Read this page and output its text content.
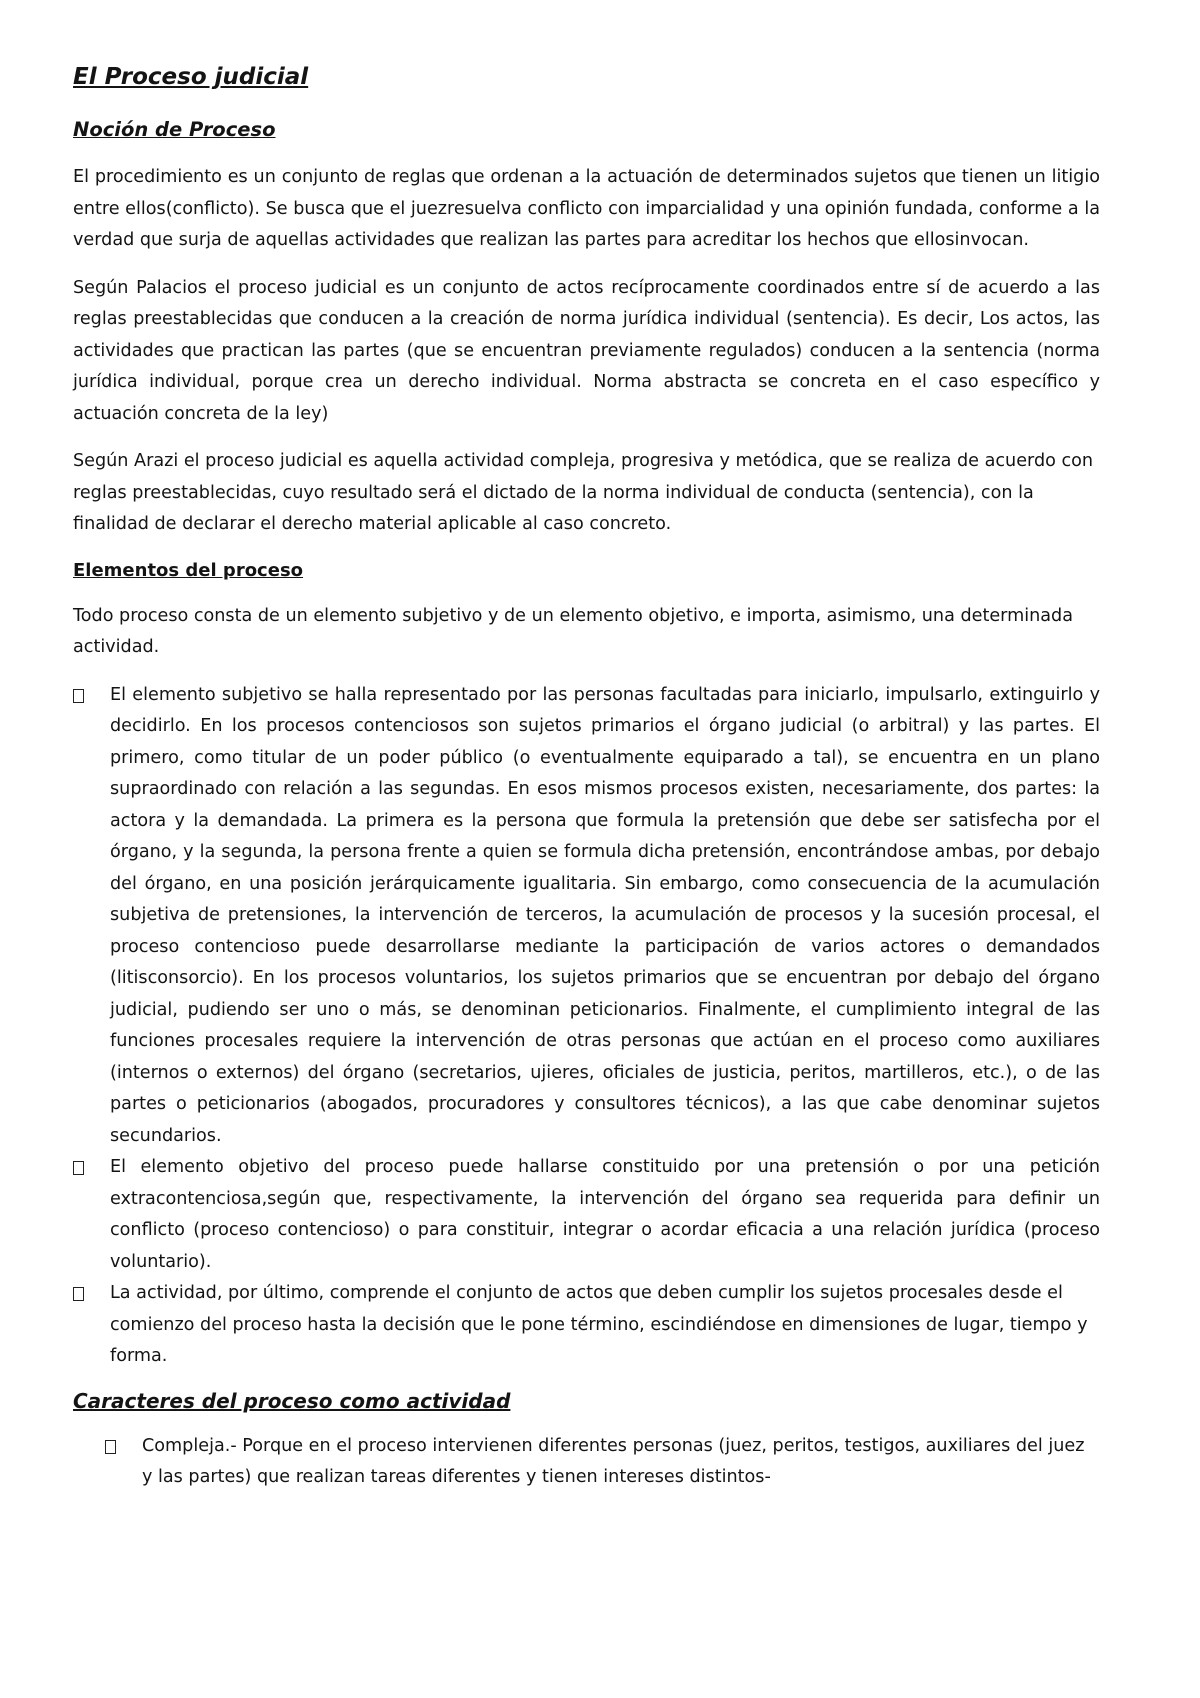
El Proceso judicial
Noción de Proceso

El procedimiento es un conjunto de reglas que ordenan a la actuación de determinados sujetos que tienen un litigio entre ellos(conflicto). Se busca que el juezresuelva conflicto con imparcialidad y una opinión fundada, conforme a la verdad que surja de aquellas actividades que realizan las partes para acreditar los hechos que ellosinvocan.

Según Palacios el proceso judicial es un conjunto de actos recíprocamente coordinados entre sí de acuerdo a las reglas preestablecidas que conducen a la creación de norma jurídica individual (sentencia). Es decir, Los actos, las actividades que practican las partes (que se encuentran previamente regulados) conducen a la sentencia (norma jurídica individual, porque crea un derecho individual. Norma abstracta se concreta en el caso específico y actuación concreta de la ley)

Según Arazi el proceso judicial es aquella actividad compleja, progresiva y metódica, que se realiza de acuerdo con reglas preestablecidas, cuyo resultado será el dictado de la norma individual de conducta (sentencia), con la finalidad de declarar el derecho material aplicable al caso concreto.

Elementos del proceso

Todo proceso consta de un elemento subjetivo y de un elemento objetivo, e importa, asimismo, una determinada actividad.

El elemento subjetivo se halla representado por las personas facultadas para iniciarlo, impulsarlo, extinguirlo y decidirlo. En los procesos contenciosos son sujetos primarios el órgano judicial (o arbitral) y las partes. El primero, como titular de un poder público (o eventualmente equiparado a tal), se encuentra en un plano supraordinado con relación a las segundas. En esos mismos procesos existen, necesariamente, dos partes: la actora y la demandada. La primera es la persona que formula la pretensión que debe ser satisfecha por el órgano, y la segunda, la persona frente a quien se formula dicha pretensión, encontrándose ambas, por debajo del órgano, en una posición jerárquicamente igualitaria. Sin embargo, como consecuencia de la acumulación subjetiva de pretensiones, la intervención de terceros, la acumulación de procesos y la sucesión procesal, el proceso contencioso puede desarrollarse mediante la participación de varios actores o demandados (litisconsorcio). En los procesos voluntarios, los sujetos primarios que se encuentran por debajo del órgano judicial, pudiendo ser uno o más, se denominan peticionarios. Finalmente, el cumplimiento integral de las funciones procesales requiere la intervención de otras personas que actúan en el proceso como auxiliares (internos o externos) del órgano (secretarios, ujieres, oficiales de justicia, peritos, martilleros, etc.), o de las partes o peticionarios (abogados, procuradores y consultores técnicos), a las que cabe denominar sujetos secundarios.
El elemento objetivo del proceso puede hallarse constituido por una pretensión o por una petición extracontenciosa,según que, respectivamente, la intervención del órgano sea requerida para definir un conflicto (proceso contencioso) o para constituir, integrar o acordar eficacia a una relación jurídica (proceso voluntario).
La actividad, por último, comprende el conjunto de actos que deben cumplir los sujetos procesales desde el comienzo del proceso hasta la decisión que le pone término, escindiéndose en dimensiones de lugar, tiempo y forma.
Caracteres del proceso como actividad
Compleja.- Porque en el proceso intervienen diferentes personas (juez, peritos, testigos, auxiliares del juez y las partes) que realizan tareas diferentes y tienen intereses distintos-
